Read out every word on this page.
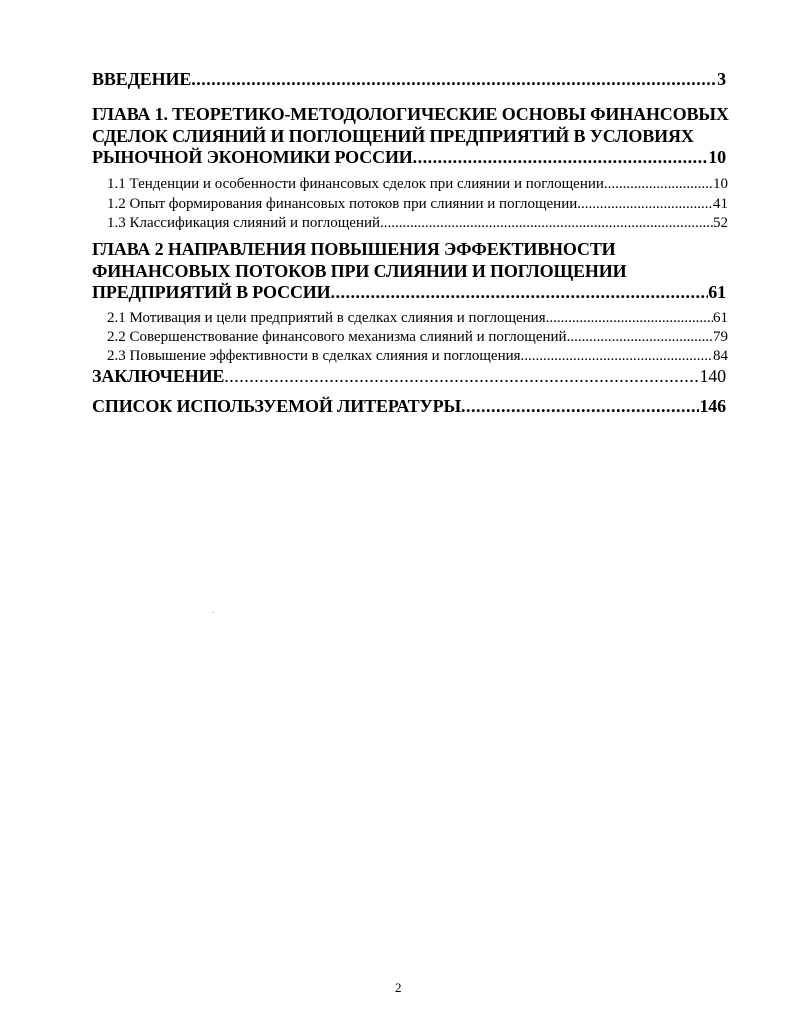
ВВЕДЕНИЕ .....	3
ГЛАВА 1. ТЕОРЕТИКО-МЕТОДОЛОГИЧЕСКИЕ ОСНОВЫ ФИНАНСОВЫХ
СДЕЛОК СЛИЯНИЙ И ПОГЛОЩЕНИЙ ПРЕДПРИЯТИЙ В УСЛОВИЯХ
РЫНОЧНОЙ ЭКОНОМИКИ РОССИИ .....	10
1.1 Тенденции и особенности финансовых сделок при слиянии и поглощении .....	10
1.2 Опыт формирования финансовых потоков при слиянии и поглощении .....	41
1.3 Классификация слияний и поглощений .....	52
ГЛАВА 2 НАПРАВЛЕНИЯ ПОВЫШЕНИЯ ЭФФЕКТИВНОСТИ
ФИНАНСОВЫХ ПОТОКОВ ПРИ СЛИЯНИИ И ПОГЛОЩЕНИИ
ПРЕДПРИЯТИЙ В РОССИИ .....	61
2.1 Мотивация и цели предприятий в сделках слияния и поглощения .....	61
2.2 Совершенствование финансового механизма слияний и поглощений .....	79
2.3 Повышение эффективности в сделках слияния и поглощения .....	84
ЗАКЛЮЧЕНИЕ .....	140
СПИСОК ИСПОЛЬЗУЕМОЙ ЛИТЕРАТУРЫ .....	146
2
